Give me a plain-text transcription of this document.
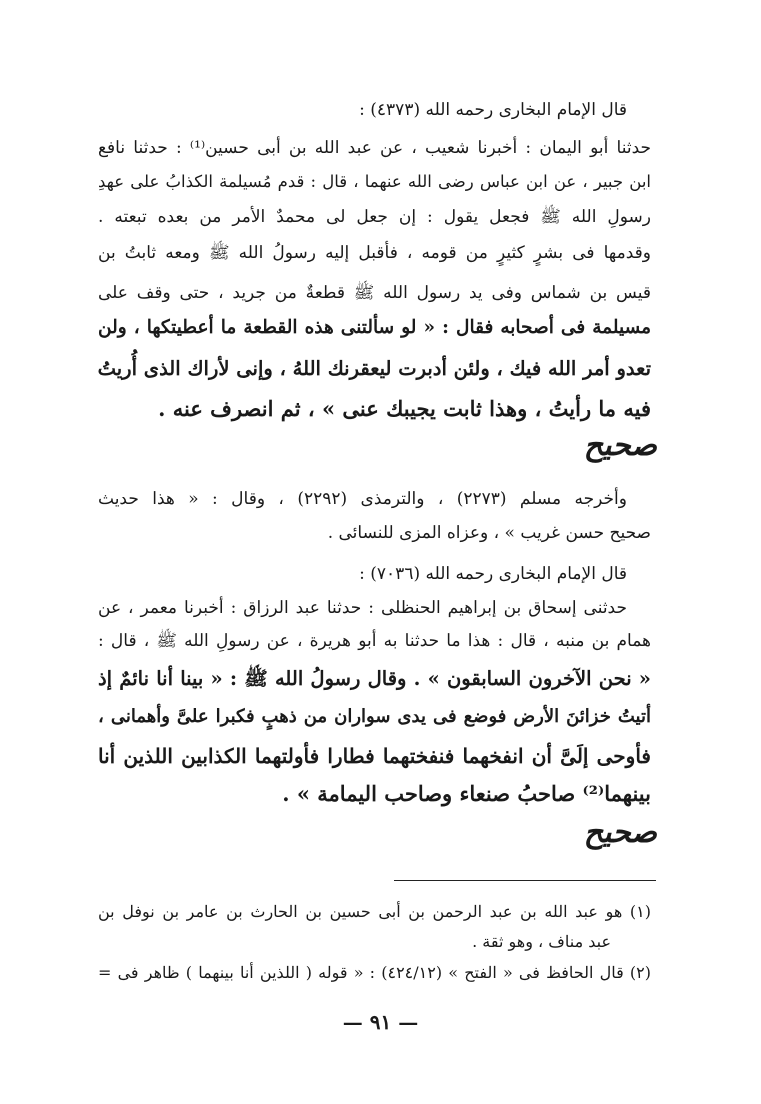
قال الإمام البخارى رحمه الله (٤٣٧٣) :
حدثنا أبو اليمان : أخبرنا شعيب ، عن عبد الله بن أبى حسين⁽¹⁾ : حدثنا نافع
ابن جبير ، عن ابن عباس رضى الله عنهما ، قال : قدم مُسيلمة الكذابُ على عهدِ
رسولِ الله ﷺ فجعل يقول : إن جعل لى محمدٌ الأمر من بعده تبعته .
وقدمها فى بشرٍ كثيرٍ من قومه ، فأقبل إليه رسولُ الله ﷺ ومعه ثابتُ بن
قيس بن شماس وفى يد رسول الله ﷺ قطعةٌ من جريد ، حتى وقف على
مسيلمة فى أصحابه فقال : « لو سألتنى هذه القطعة ما أعطيتكها ، ولن
تعدو أمر الله فيك ، ولئن أدبرت ليعقرنك اللهُ ، وإنى لأراك الذى أُريتُ
فيه ما رأيتُ ، وهذا ثابت يجيبك عنى » ، ثم انصرف عنه .
صحيح
وأخرجه مسلم (٢٢٧٣) ، والترمذى (٢٢٩٢) ، وقال : « هذا حديث
صحيح حسن غريب » ، وعزاه المزى للنسائى .
قال الإمام البخارى رحمه الله (٧٠٣٦) :
حدثنى إسحاق بن إبراهيم الحنظلى : حدثنا عبد الرزاق : أخبرنا معمر ، عن
همام بن منبه ، قال : هذا ما حدثنا به أبو هريرة ، عن رسولِ الله ﷺ ، قال :
« نحن الآخرون السابقون » . وقال رسولُ الله ﷺ : « بينا أنا نائمٌ إذ
أتيتُ خزائنَ الأرض فوضع فى يدى سواران من ذهبٍ فكبرا علىَّ وأهمانى ،
فأوحى إلَىَّ أن انفخهما فنفختهما فطارا فأولتهما الكذابين اللذين أنا
بينهما⁽²⁾ صاحبُ صنعاء وصاحب اليمامة » .
صحيح
(١) هو عبد الله بن عبد الرحمن بن أبى حسين بن الحارث بن عامر بن نوفل بن
عبد مناف ، وهو ثقة .
(٢) قال الحافظ فى « الفتح » (٤٢٤/١٢) : « قوله ( اللذين أنا بينهما ) ظاهر فى =
— ٩١ —
